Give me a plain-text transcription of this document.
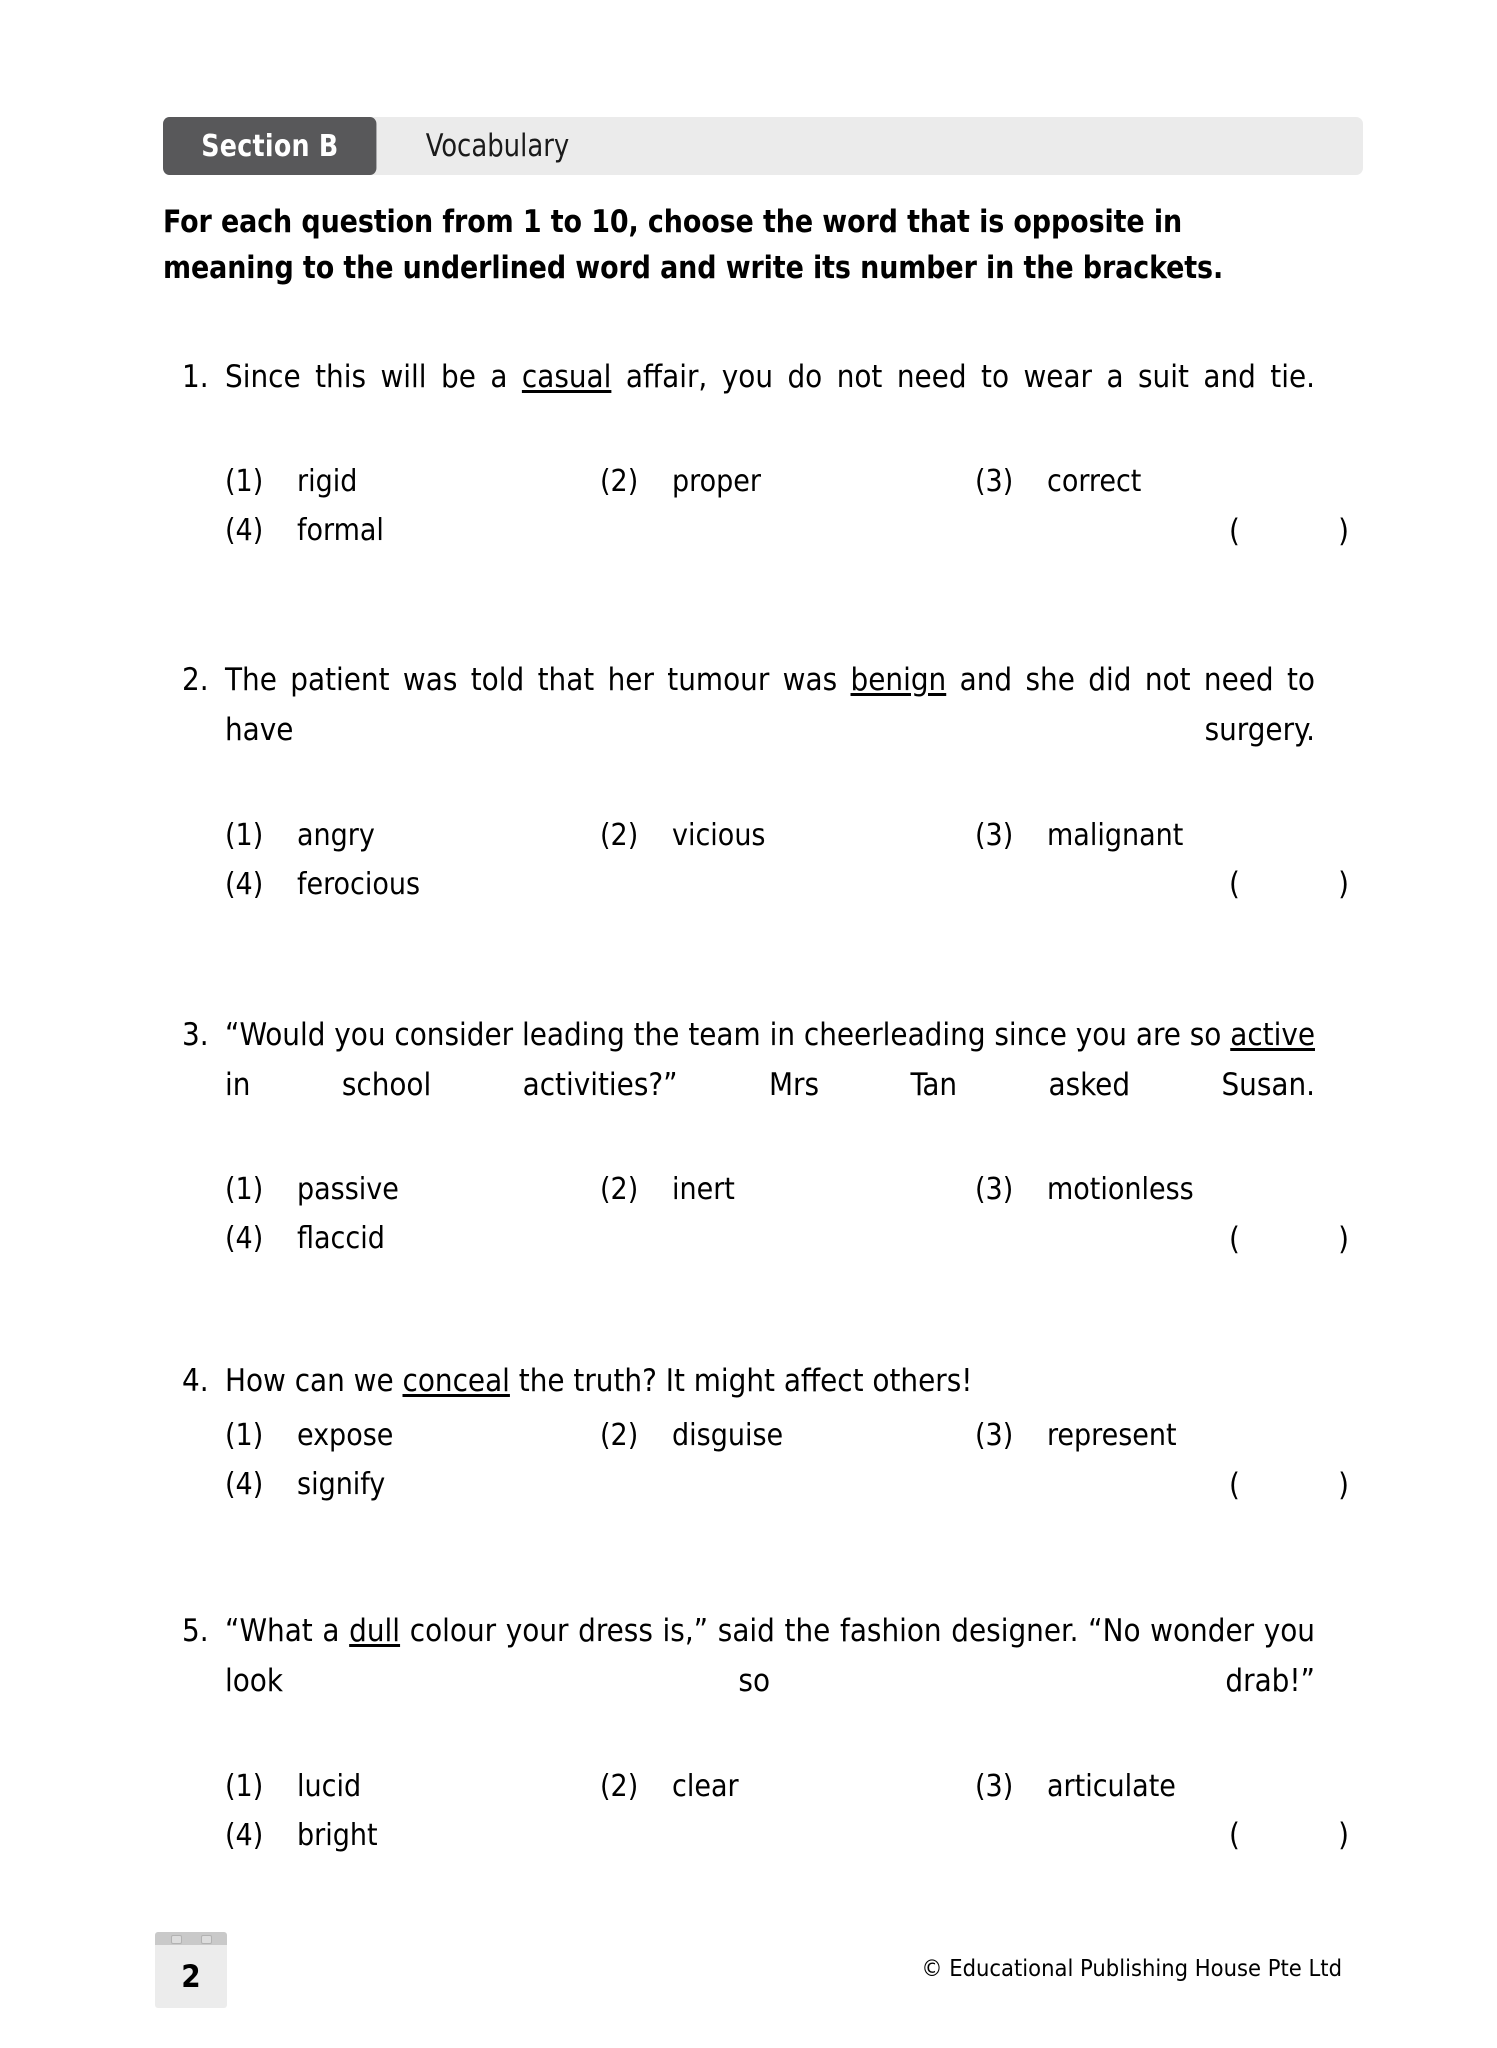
Section B	Vocabulary
For each question from 1 to 10, choose the word that is opposite in meaning to the underlined word and write its number in the brackets.
1. Since this will be a casual affair, you do not need to wear a suit and tie.
(1)	rigid	(2)	proper	(3)	correct
(4)	formal	(	)
2. The patient was told that her tumour was benign and she did not need to have surgery.
(1)	angry	(2)	vicious	(3)	malignant
(4)	ferocious	(	)
3. “Would you consider leading the team in cheerleading since you are so active in school activities?” Mrs Tan asked Susan.
(1)	passive	(2)	inert	(3)	motionless
(4)	flaccid	(	)
4. How can we conceal the truth? It might affect others!
(1)	expose	(2)	disguise	(3)	represent
(4)	signify	(	)
5. “What a dull colour your dress is,” said the fashion designer. “No wonder you look so drab!”
(1)	lucid	(2)	clear	(3)	articulate
(4)	bright	(	)
2	© Educational Publishing House Pte Ltd
